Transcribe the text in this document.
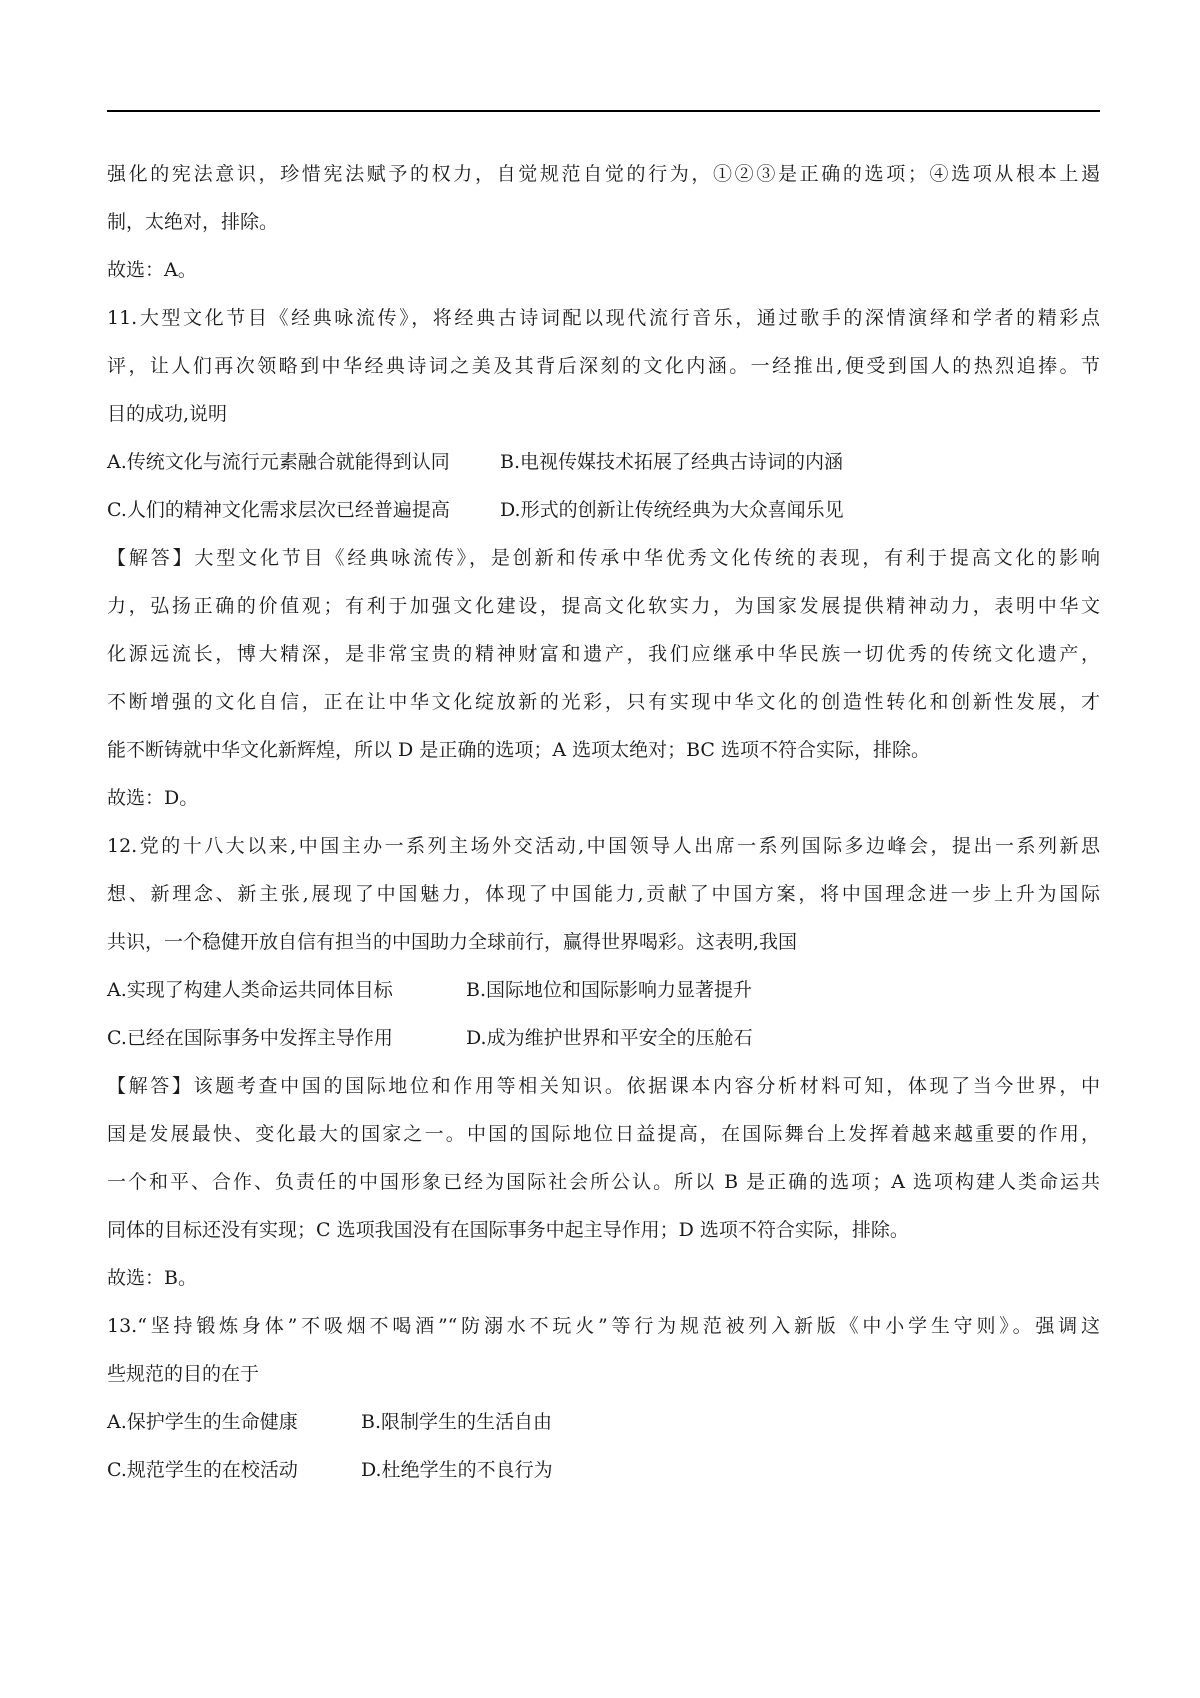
强化的宪法意识，珍惜宪法赋予的权力，自觉规范自觉的行为，①②③是正确的选项；④选项从根本上遏
制，太绝对，排除。
故选：A。
11.大型文化节目《经典咏流传》，将经典古诗词配以现代流行音乐，通过歌手的深情演绎和学者的精彩点
评，让人们再次领略到中华经典诗词之美及其背后深刻的文化内涵。一经推出,便受到国人的热烈追捧。节
目的成功,说明
A.传统文化与流行元素融合就能得到认同	B.电视传媒技术拓展了经典古诗词的内涵
C.人们的精神文化需求层次已经普遍提高	D.形式的创新让传统经典为大众喜闻乐见
【解答】大型文化节目《经典咏流传》，是创新和传承中华优秀文化传统的表现，有利于提高文化的影响
力，弘扬正确的价值观；有利于加强文化建设，提高文化软实力，为国家发展提供精神动力，表明中华文
化源远流长，博大精深，是非常宝贵的精神财富和遗产，我们应继承中华民族一切优秀的传统文化遗产，
不断增强的文化自信，正在让中华文化绽放新的光彩，只有实现中华文化的创造性转化和创新性发展，才
能不断铸就中华文化新辉煌，所以 D 是正确的选项；A 选项太绝对；BC 选项不符合实际，排除。
故选：D。
12.党的十八大以来,中国主办一系列主场外交活动,中国领导人出席一系列国际多边峰会，提出一系列新思
想、新理念、新主张,展现了中国魅力，体现了中国能力,贡献了中国方案，将中国理念进一步上升为国际
共识，一个稳健开放自信有担当的中国助力全球前行，赢得世界喝彩。这表明,我国
A.实现了构建人类命运共同体目标	B.国际地位和国际影响力显著提升
C.已经在国际事务中发挥主导作用	D.成为维护世界和平安全的压舱石
【解答】该题考查中国的国际地位和作用等相关知识。依据课本内容分析材料可知，体现了当今世界，中
国是发展最快、变化最大的国家之一。中国的国际地位日益提高，在国际舞台上发挥着越来越重要的作用，
一个和平、合作、负责任的中国形象已经为国际社会所公认。所以 B 是正确的选项；A 选项构建人类命运共
同体的目标还没有实现；C 选项我国没有在国际事务中起主导作用；D 选项不符合实际，排除。
故选：B。
13.“坚持锻炼身体”不吸烟不喝酒”“防溺水不玩火”等行为规范被列入新版《中小学生守则》。强调这
些规范的目的在于
A.保护学生的生命健康	B.限制学生的生活自由
C.规范学生的在校活动	D.杜绝学生的不良行为
